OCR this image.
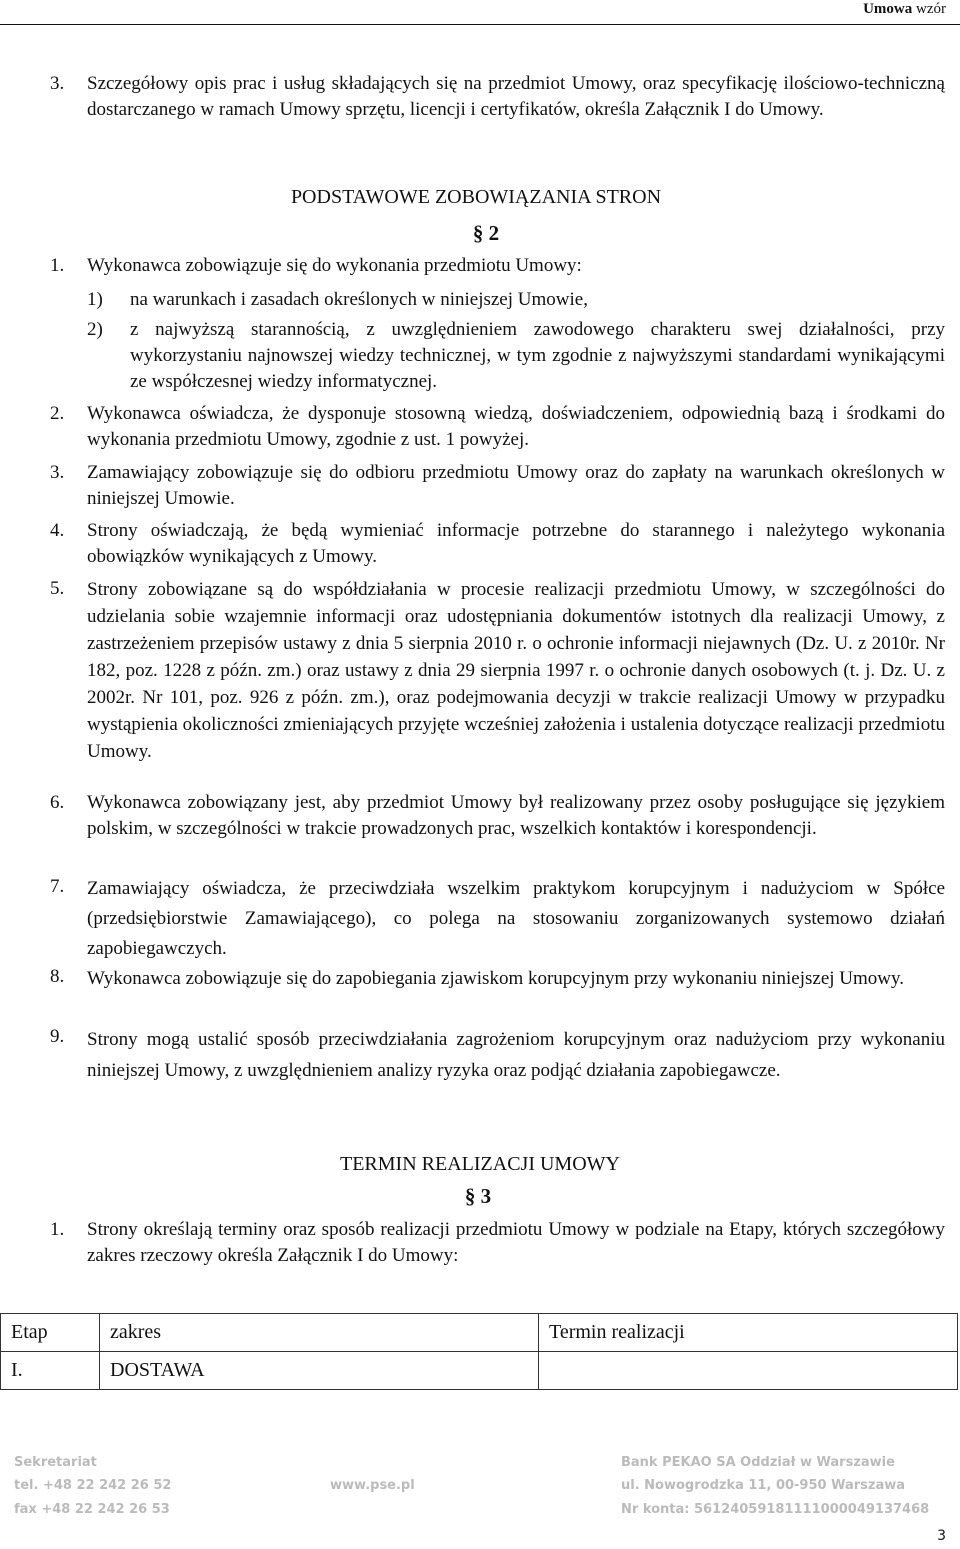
Umowa wzór
3. Szczegółowy opis prac i usług składających się na przedmiot Umowy, oraz specyfikację ilościowo-techniczną dostarczanego w ramach Umowy sprzętu, licencji i certyfikatów, określa Załącznik I do Umowy.
PODSTAWOWE ZOBOWIĄZANIA STRON
§ 2
1. Wykonawca zobowiązuje się do wykonania przedmiotu Umowy:
1) na warunkach i zasadach określonych w niniejszej Umowie,
2) z najwyższą starannością, z uwzględnieniem zawodowego charakteru swej działalności, przy wykorzystaniu najnowszej wiedzy technicznej, w tym zgodnie z najwyższymi standardami wynikającymi ze współczesnej wiedzy informatycznej.
2. Wykonawca oświadcza, że dysponuje stosowną wiedzą, doświadczeniem, odpowiednią bazą i środkami do wykonania przedmiotu Umowy, zgodnie z ust. 1 powyżej.
3. Zamawiający zobowiązuje się do odbioru przedmiotu Umowy oraz do zapłaty na warunkach określonych w niniejszej Umowie.
4. Strony oświadczają, że będą wymieniać informacje potrzebne do starannego i należytego wykonania obowiązków wynikających z Umowy.
5. Strony zobowiązane są do współdziałania w procesie realizacji przedmiotu Umowy, w szczególności do udzielania sobie wzajemnie informacji oraz udostępniania dokumentów istotnych dla realizacji Umowy, z zastrzeżeniem przepisów ustawy z dnia 5 sierpnia 2010 r. o ochronie informacji niejawnych (Dz. U. z 2010r. Nr 182, poz. 1228 z późn. zm.) oraz ustawy z dnia 29 sierpnia 1997 r. o ochronie danych osobowych (t. j. Dz. U. z 2002r. Nr 101, poz. 926 z późn. zm.), oraz podejmowania decyzji w trakcie realizacji Umowy w przypadku wystąpienia okoliczności zmieniających przyjęte wcześniej założenia i ustalenia dotyczące realizacji przedmiotu Umowy.
6. Wykonawca zobowiązany jest, aby przedmiot Umowy był realizowany przez osoby posługujące się językiem polskim, w szczególności w trakcie prowadzonych prac, wszelkich kontaktów i korespondencji.
7. Zamawiający oświadcza, że przeciwdziała wszelkim praktykom korupcyjnym i nadużyciom w Spółce (przedsiębiorstwie Zamawiającego), co polega na stosowaniu zorganizowanych systemowo działań zapobiegawczych.
8. Wykonawca zobowiązuje się do zapobiegania zjawiskom korupcyjnym przy wykonaniu niniejszej Umowy.
9. Strony mogą ustalić sposób przeciwdziałania zagrożeniom korupcyjnym oraz nadużyciom przy wykonaniu niniejszej Umowy, z uwzględnieniem analizy ryzyka oraz podjąć działania zapobiegawcze.
TERMIN REALIZACJI UMOWY
§ 3
1. Strony określają terminy oraz sposób realizacji przedmiotu Umowy w podziale na Etapy, których szczegółowy zakres rzeczowy określa Załącznik I do Umowy:
Etap	zakres	Termin realizacji
I.	DOSTAWA	
Sekretariat
tel. +48 22 242 26 52
fax +48 22 242 26 53
www.pse.pl
Bank PEKAO SA Oddział w Warszawie
ul. Nowogrodzka 11, 00-950 Warszawa
Nr konta: 56124059181111000049137468
3
